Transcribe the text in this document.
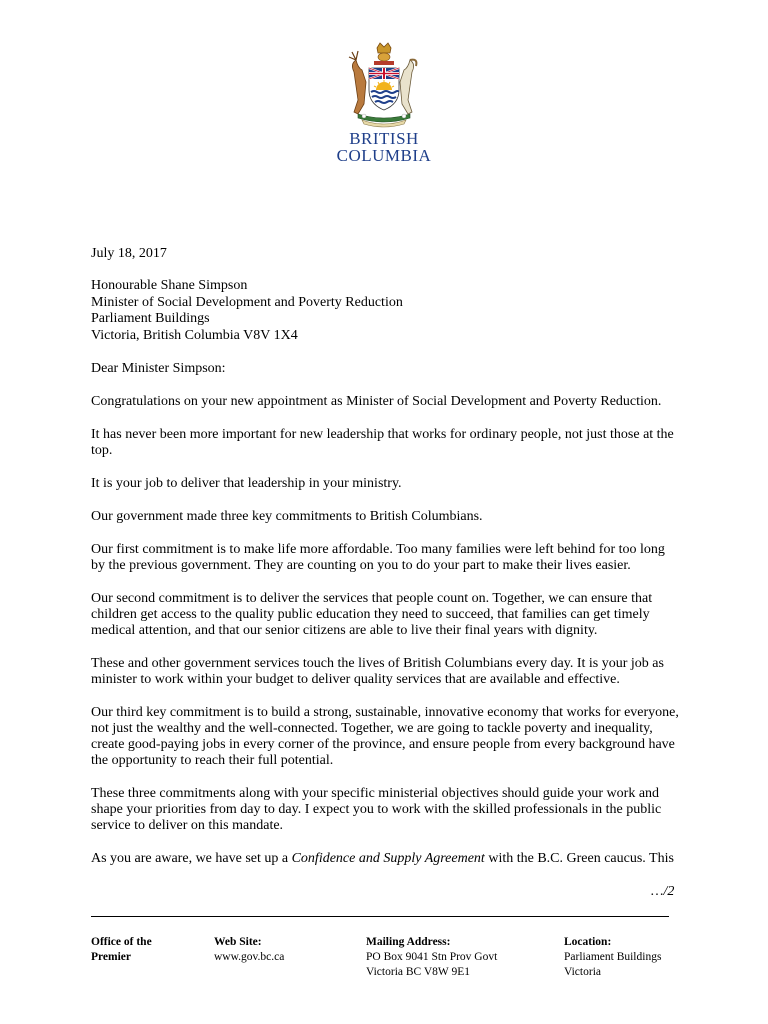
BRITISH
COLUMBIA

July 18, 2017

Honourable Shane Simpson
Minister of Social Development and Poverty Reduction
Parliament Buildings
Victoria, British Columbia V8V 1X4

Dear Minister Simpson:

Congratulations on your new appointment as Minister of Social Development and Poverty Reduction.

It has never been more important for new leadership that works for ordinary people, not just those at the top.

It is your job to deliver that leadership in your ministry.

Our government made three key commitments to British Columbians.

Our first commitment is to make life more affordable. Too many families were left behind for too long by the previous government. They are counting on you to do your part to make their lives easier.

Our second commitment is to deliver the services that people count on. Together, we can ensure that children get access to the quality public education they need to succeed, that families can get timely medical attention, and that our senior citizens are able to live their final years with dignity.

These and other government services touch the lives of British Columbians every day. It is your job as minister to work within your budget to deliver quality services that are available and effective.

Our third key commitment is to build a strong, sustainable, innovative economy that works for everyone, not just the wealthy and the well-connected. Together, we are going to tackle poverty and inequality, create good-paying jobs in every corner of the province, and ensure people from every background have the opportunity to reach their full potential.

These three commitments along with your specific ministerial objectives should guide your work and shape your priorities from day to day. I expect you to work with the skilled professionals in the public service to deliver on this mandate.

As you are aware, we have set up a Confidence and Supply Agreement with the B.C. Green caucus. This

…/2
Office of the
Premier
Web Site:
www.gov.bc.ca
Mailing Address:
PO Box 9041 Stn Prov Govt
Victoria BC V8W 9E1
Location:
Parliament Buildings
Victoria
